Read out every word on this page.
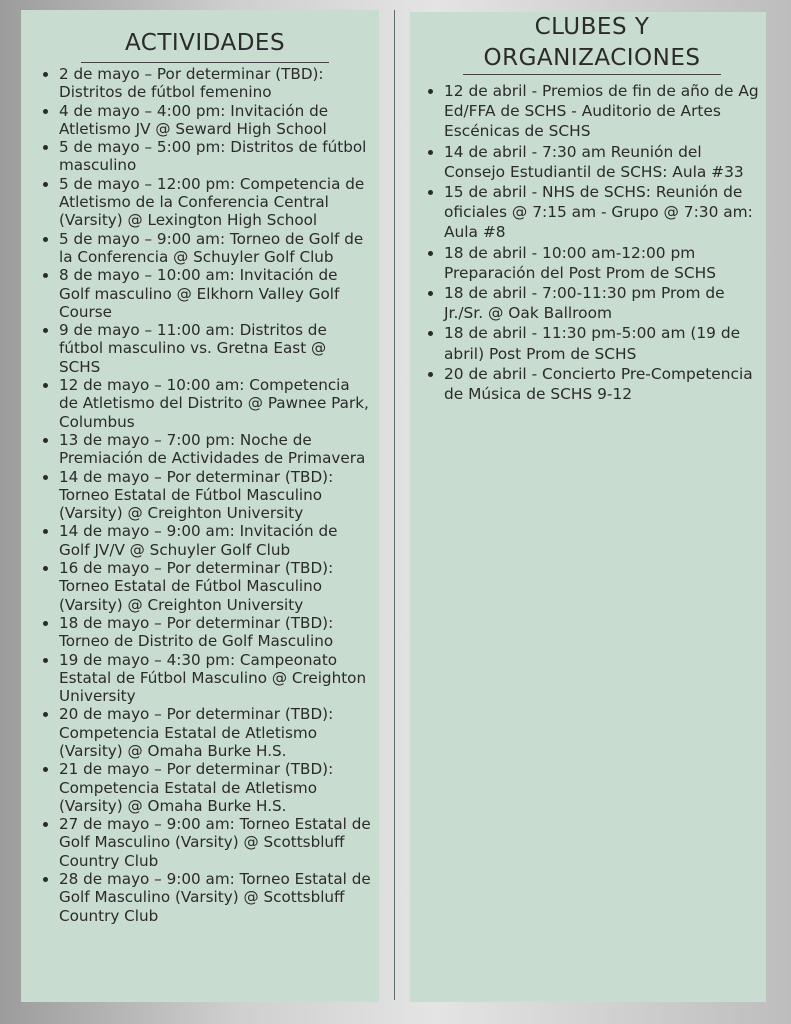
ACTIVIDADES
• 2 de mayo – Por determinar (TBD): Distritos de fútbol femenino
• 4 de mayo – 4:00 pm: Invitación de Atletismo JV @ Seward High School
• 5 de mayo – 5:00 pm: Distritos de fútbol masculino
• 5 de mayo – 12:00 pm: Competencia de Atletismo de la Conferencia Central (Varsity) @ Lexington High School
• 5 de mayo – 9:00 am: Torneo de Golf de la Conferencia @ Schuyler Golf Club
• 8 de mayo – 10:00 am: Invitación de Golf masculino @ Elkhorn Valley Golf Course
• 9 de mayo – 11:00 am: Distritos de fútbol masculino vs. Gretna East @ SCHS
• 12 de mayo – 10:00 am: Competencia de Atletismo del Distrito @ Pawnee Park, Columbus
• 13 de mayo – 7:00 pm: Noche de Premiación de Actividades de Primavera
• 14 de mayo – Por determinar (TBD): Torneo Estatal de Fútbol Masculino (Varsity) @ Creighton University
• 14 de mayo – 9:00 am: Invitación de Golf JV/V @ Schuyler Golf Club
• 16 de mayo – Por determinar (TBD): Torneo Estatal de Fútbol Masculino (Varsity) @ Creighton University
• 18 de mayo – Por determinar (TBD): Torneo de Distrito de Golf Masculino
• 19 de mayo – 4:30 pm: Campeonato Estatal de Fútbol Masculino @ Creighton University
• 20 de mayo – Por determinar (TBD): Competencia Estatal de Atletismo (Varsity) @ Omaha Burke H.S.
• 21 de mayo – Por determinar (TBD): Competencia Estatal de Atletismo (Varsity) @ Omaha Burke H.S.
• 27 de mayo – 9:00 am: Torneo Estatal de Golf Masculino (Varsity) @ Scottsbluff Country Club
• 28 de mayo – 9:00 am: Torneo Estatal de Golf Masculino (Varsity) @ Scottsbluff Country Club
CLUBES Y
ORGANIZACIONES
• 12 de abril - Premios de fin de año de Ag Ed/FFA de SCHS - Auditorio de Artes Escénicas de SCHS
• 14 de abril - 7:30 am Reunión del Consejo Estudiantil de SCHS: Aula #33
• 15 de abril - NHS de SCHS: Reunión de oficiales @ 7:15 am - Grupo @ 7:30 am: Aula #8
• 18 de abril - 10:00 am-12:00 pm Preparación del Post Prom de SCHS
• 18 de abril - 7:00-11:30 pm Prom de Jr./Sr. @ Oak Ballroom
• 18 de abril - 11:30 pm-5:00 am (19 de abril) Post Prom de SCHS
• 20 de abril - Concierto Pre-Competencia de Música de SCHS 9-12
